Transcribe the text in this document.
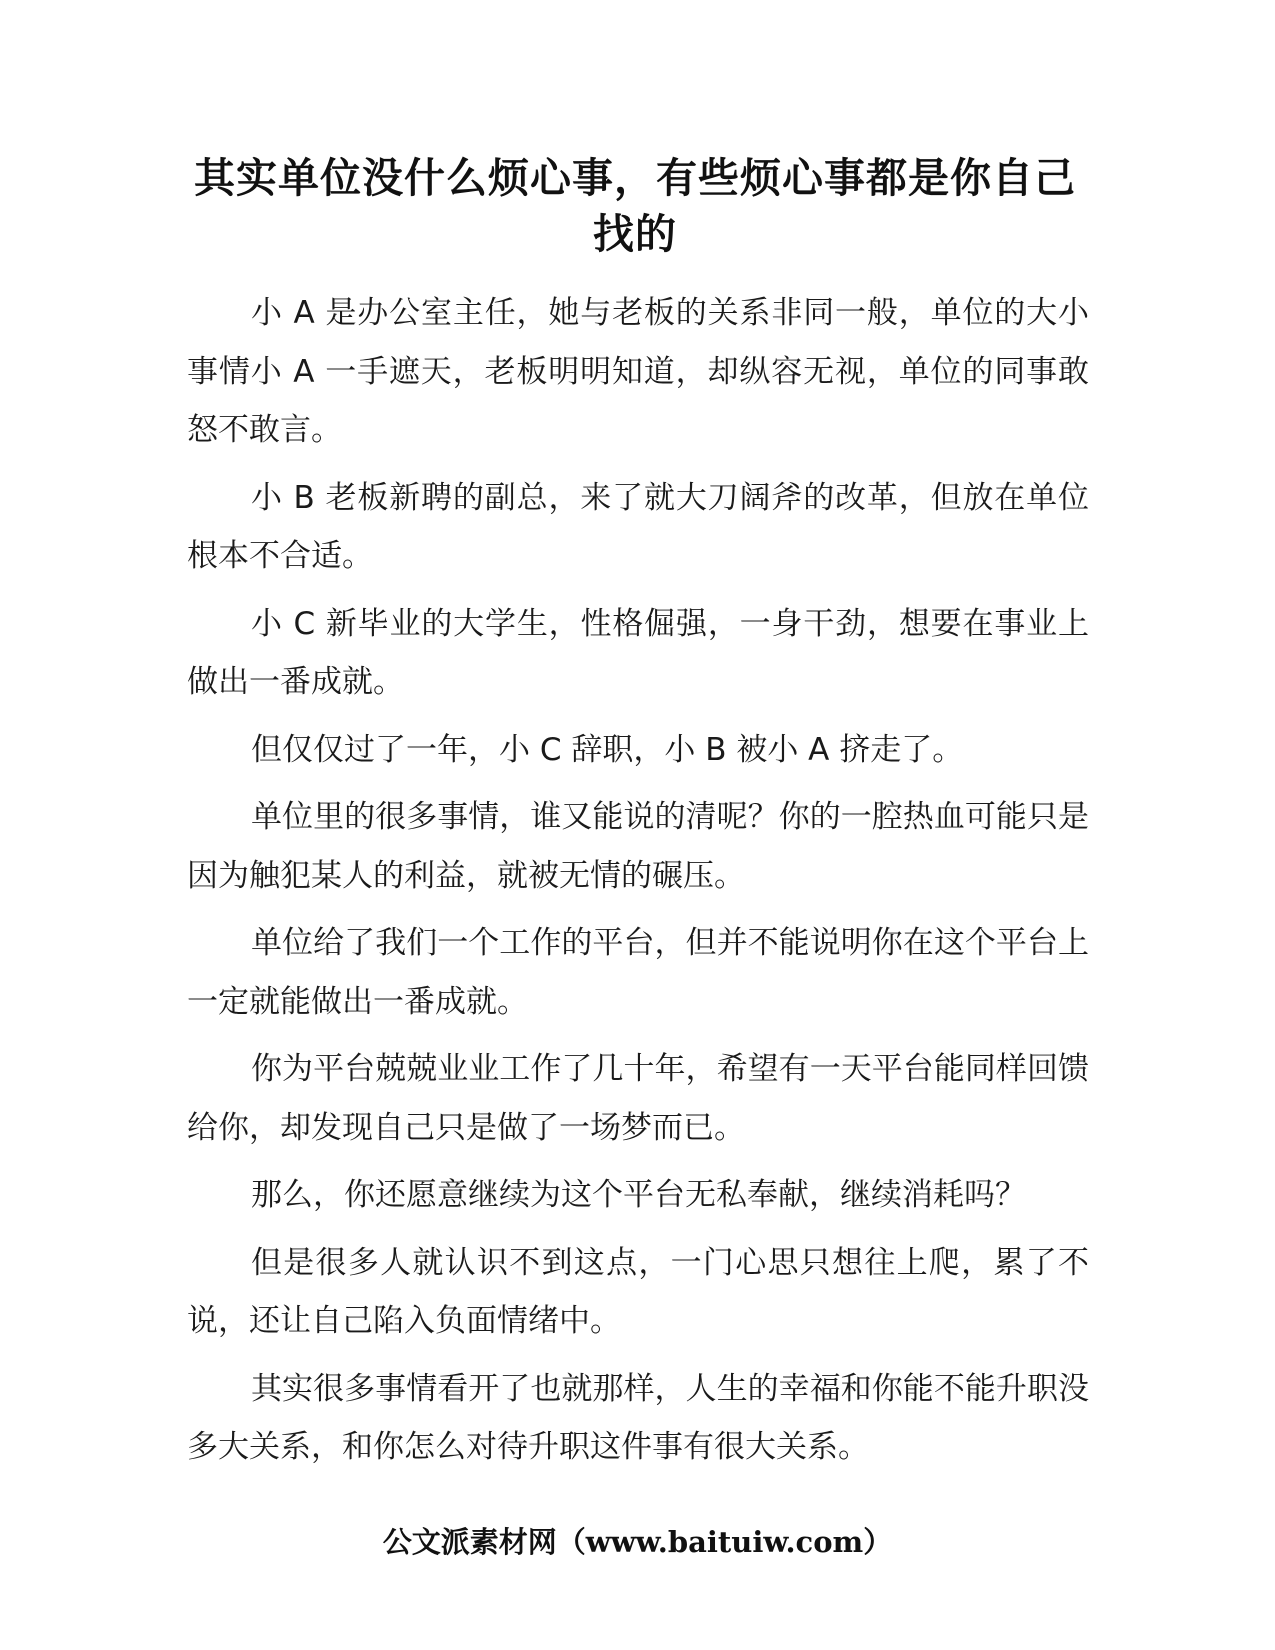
其实单位没什么烦心事，有些烦心事都是你自己找的

小 A 是办公室主任，她与老板的关系非同一般，单位的大小事情小 A 一手遮天，老板明明知道，却纵容无视，单位的同事敢怒不敢言。

小 B 老板新聘的副总，来了就大刀阔斧的改革，但放在单位根本不合适。

小 C 新毕业的大学生，性格倔强，一身干劲，想要在事业上做出一番成就。

但仅仅过了一年，小 C 辞职，小 B 被小 A 挤走了。

单位里的很多事情，谁又能说的清呢？你的一腔热血可能只是因为触犯某人的利益，就被无情的碾压。

单位给了我们一个工作的平台，但并不能说明你在这个平台上一定就能做出一番成就。

你为平台兢兢业业工作了几十年，希望有一天平台能同样回馈给你，却发现自己只是做了一场梦而已。

那么，你还愿意继续为这个平台无私奉献，继续消耗吗？

但是很多人就认识不到这点，一门心思只想往上爬，累了不说，还让自己陷入负面情绪中。

其实很多事情看开了也就那样，人生的幸福和你能不能升职没多大关系，和你怎么对待升职这件事有很大关系。

公文派素材网（www.baituiw.com）
